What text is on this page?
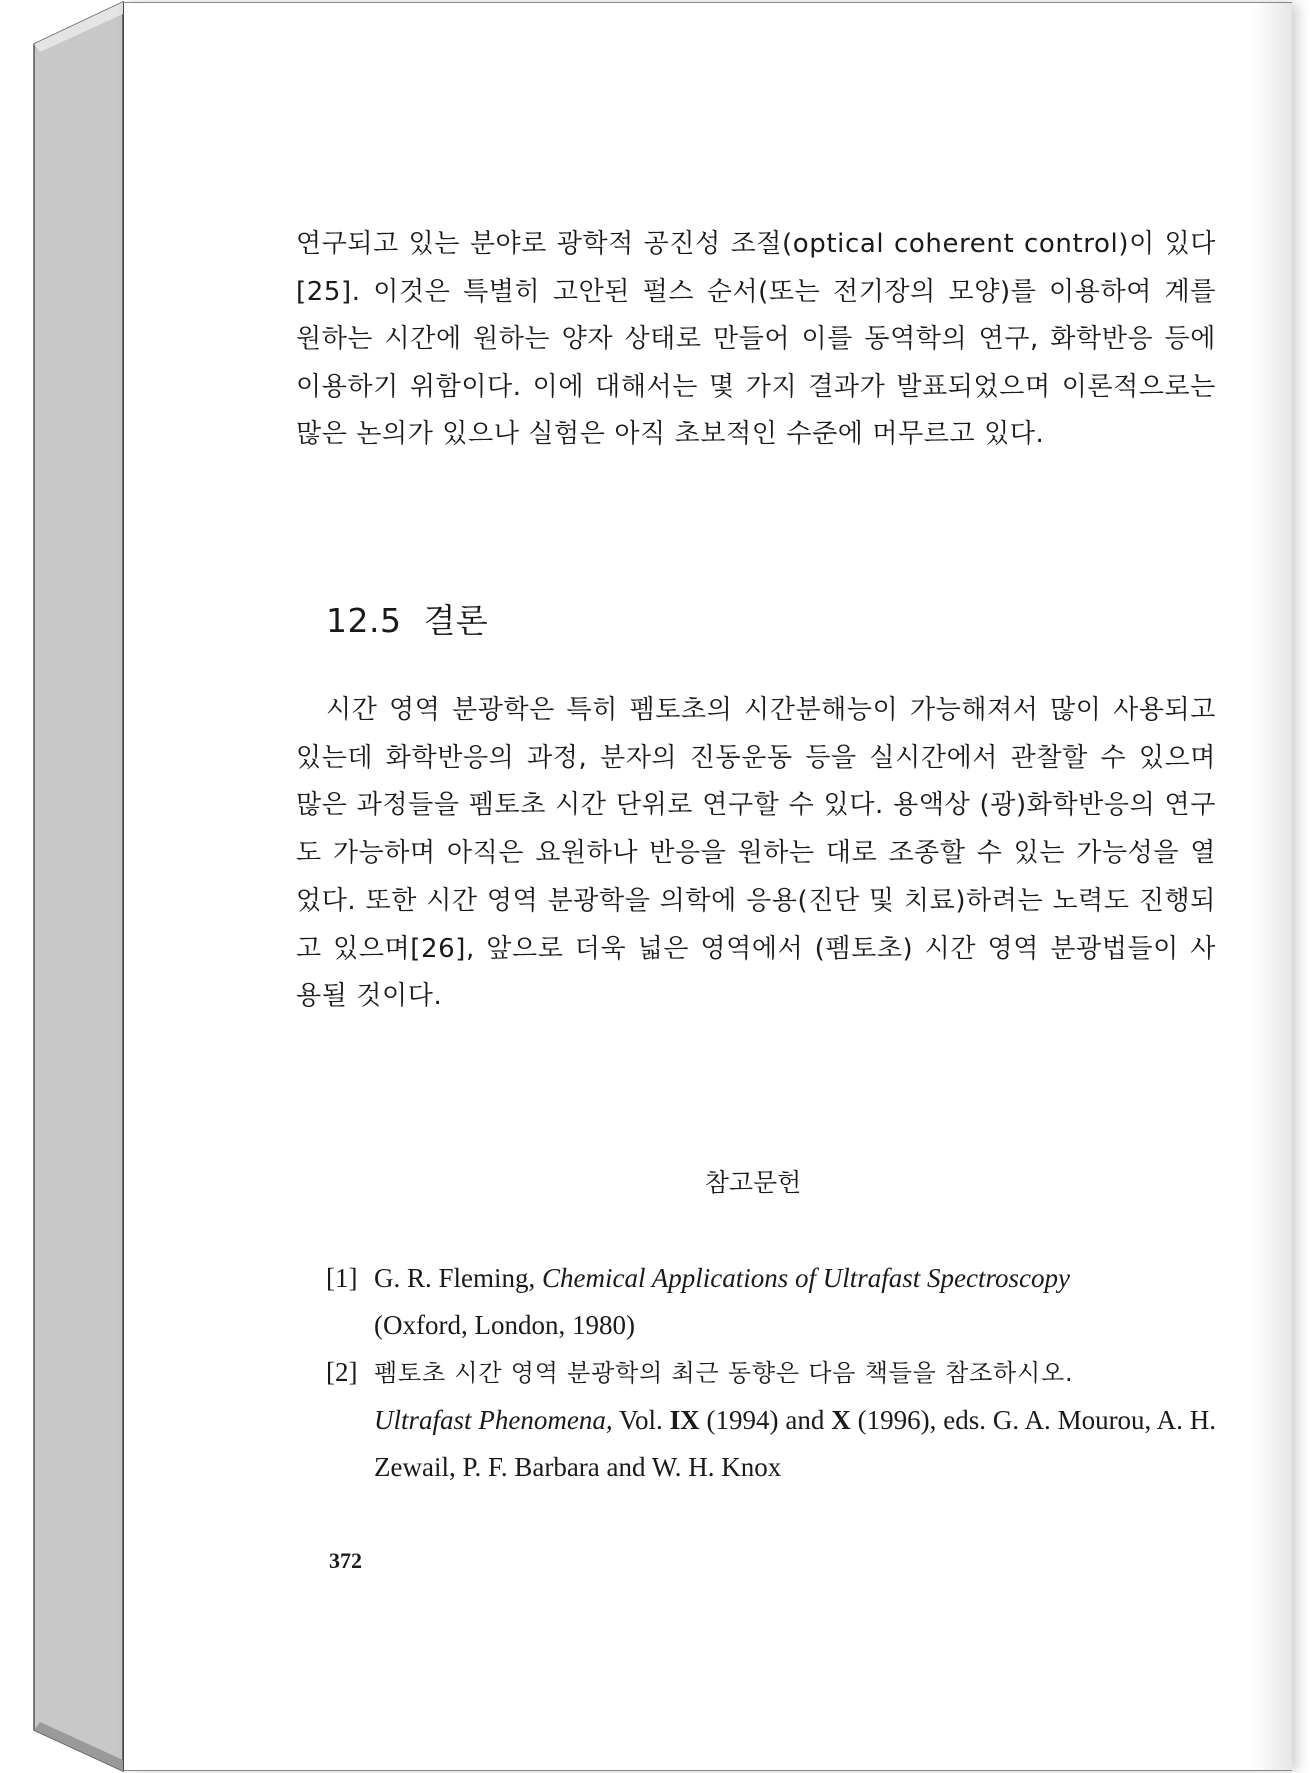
연구되고 있는 분야로 광학적 공진성 조절(optical coherent control)이 있다[25]. 이것은 특별히 고안된 펄스 순서(또는 전기장의 모양)를 이용하여 계를 원하는 시간에 원하는 양자 상태로 만들어 이를 동역학의 연구, 화학반응 등에 이용하기 위함이다. 이에 대해서는 몇 가지 결과가 발표되었으며 이론적으로는 많은 논의가 있으나 실험은 아직 초보적인 수준에 머무르고 있다.

12.5 결론

시간 영역 분광학은 특히 펨토초의 시간분해능이 가능해져서 많이 사용되고 있는데 화학반응의 과정, 분자의 진동운동 등을 실시간에서 관찰할 수 있으며 많은 과정들을 펨토초 시간 단위로 연구할 수 있다. 용액상 (광)화학반응의 연구도 가능하며 아직은 요원하나 반응을 원하는 대로 조종할 수 있는 가능성을 열었다. 또한 시간 영역 분광학을 의학에 응용(진단 및 치료)하려는 노력도 진행되고 있으며[26], 앞으로 더욱 넓은 영역에서 (펨토초) 시간 영역 분광법들이 사용될 것이다.

참고문헌
[1] G. R. Fleming, Chemical Applications of Ultrafast Spectroscopy
(Oxford, London, 1980)
[2] 펨토초 시간 영역 분광학의 최근 동향은 다음 책들을 참조하시오.
Ultrafast Phenomena, Vol. IX (1994) and X (1996), eds. G. A. Mourou, A. H. Zewail, P. F. Barbara and W. H. Knox

372
